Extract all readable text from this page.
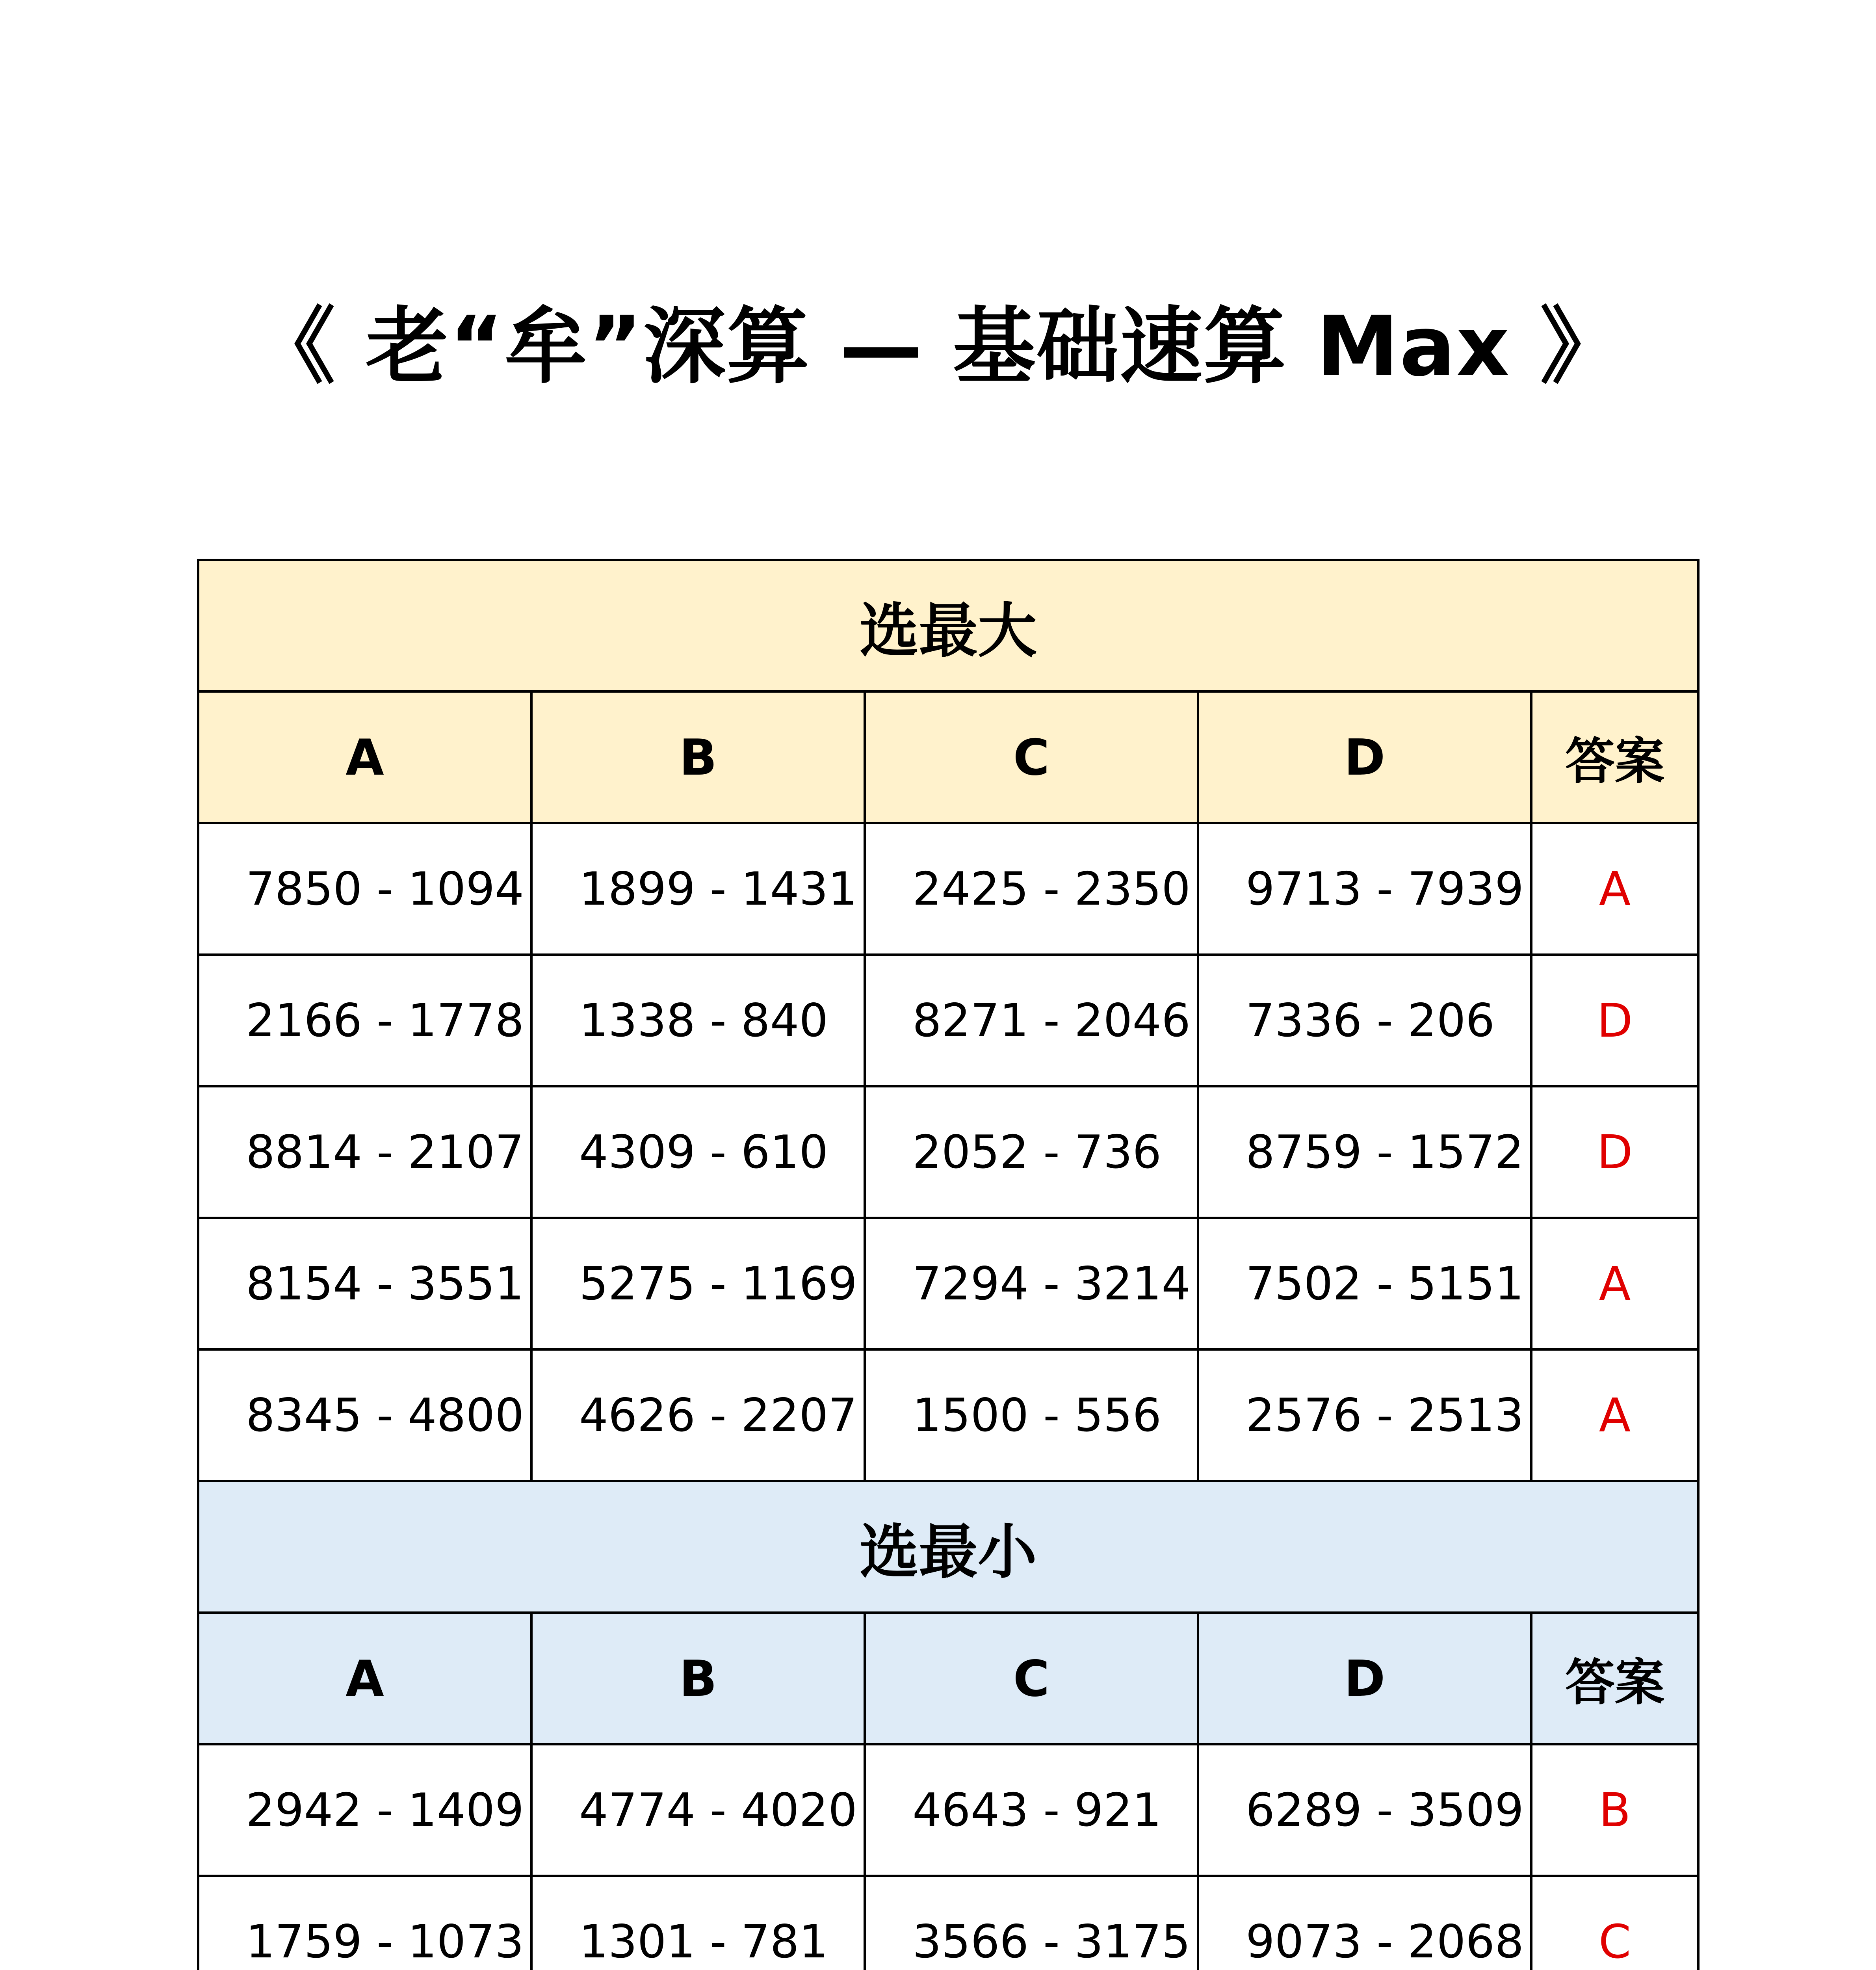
《 老“牟”深算 — 基础速算 Max 》
选最大				
A	B	C	D	答案
7850 - 1094	1899 - 1431	2425 - 2350	9713 - 7939	A
2166 - 1778	1338 - 840	8271 - 2046	7336 - 206	D
8814 - 2107	4309 - 610	2052 - 736	8759 - 1572	D
8154 - 3551	5275 - 1169	7294 - 3214	7502 - 5151	A
8345 - 4800	4626 - 2207	1500 - 556	2576 - 2513	A
选最小				
A	B	C	D	答案
2942 - 1409	4774 - 4020	4643 - 921	6289 - 3509	B
1759 - 1073	1301 - 781	3566 - 3175	9073 - 2068	C
